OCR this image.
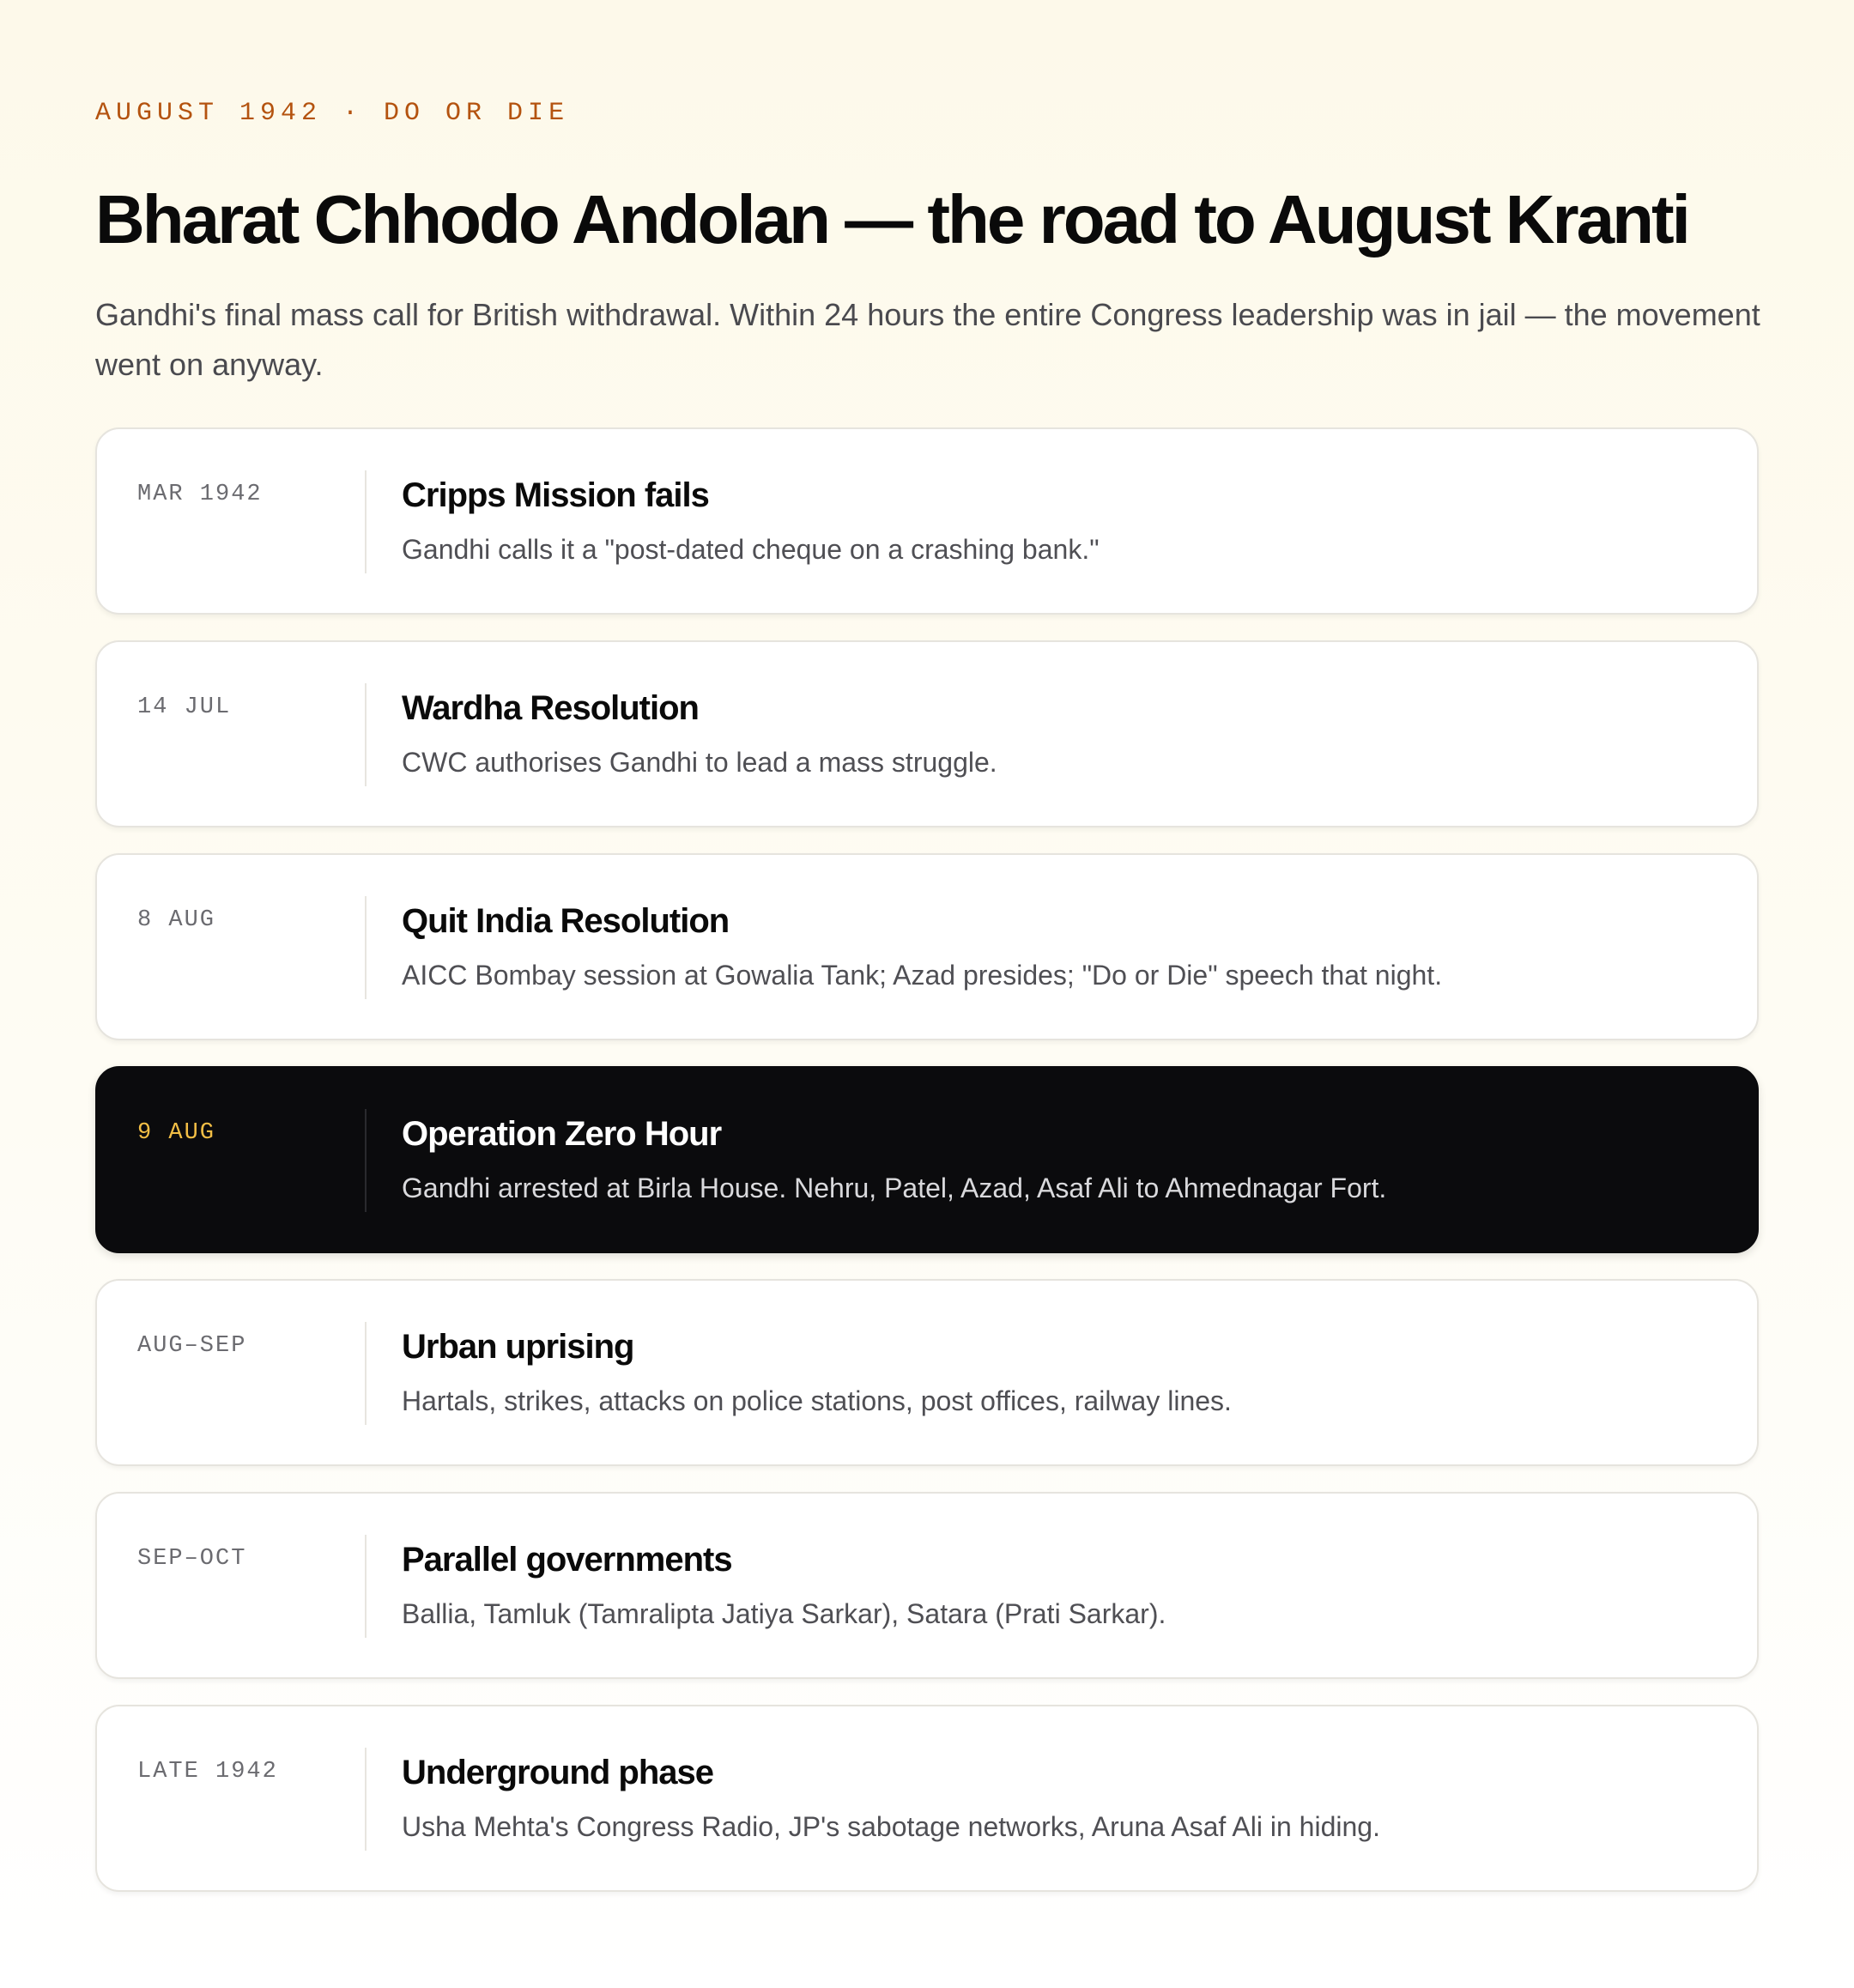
AUGUST 1942 · DO OR DIE
Bharat Chhodo Andolan — the road to August Kranti

Gandhi's final mass call for British withdrawal. Within 24 hours the entire Congress leadership was in jail — the movement went on anyway.

MAR 1942	Cripps Mission fails
Gandhi calls it a "post-dated cheque on a crashing bank."
14 JUL	Wardha Resolution
CWC authorises Gandhi to lead a mass struggle.
8 AUG	Quit India Resolution
AICC Bombay session at Gowalia Tank; Azad presides; "Do or Die" speech that night.
9 AUG	Operation Zero Hour
Gandhi arrested at Birla House. Nehru, Patel, Azad, Asaf Ali to Ahmednagar Fort.
AUG–SEP	Urban uprising
Hartals, strikes, attacks on police stations, post offices, railway lines.
SEP–OCT	Parallel governments
Ballia, Tamluk (Tamralipta Jatiya Sarkar), Satara (Prati Sarkar).
LATE 1942	Underground phase
Usha Mehta's Congress Radio, JP's sabotage networks, Aruna Asaf Ali in hiding.
